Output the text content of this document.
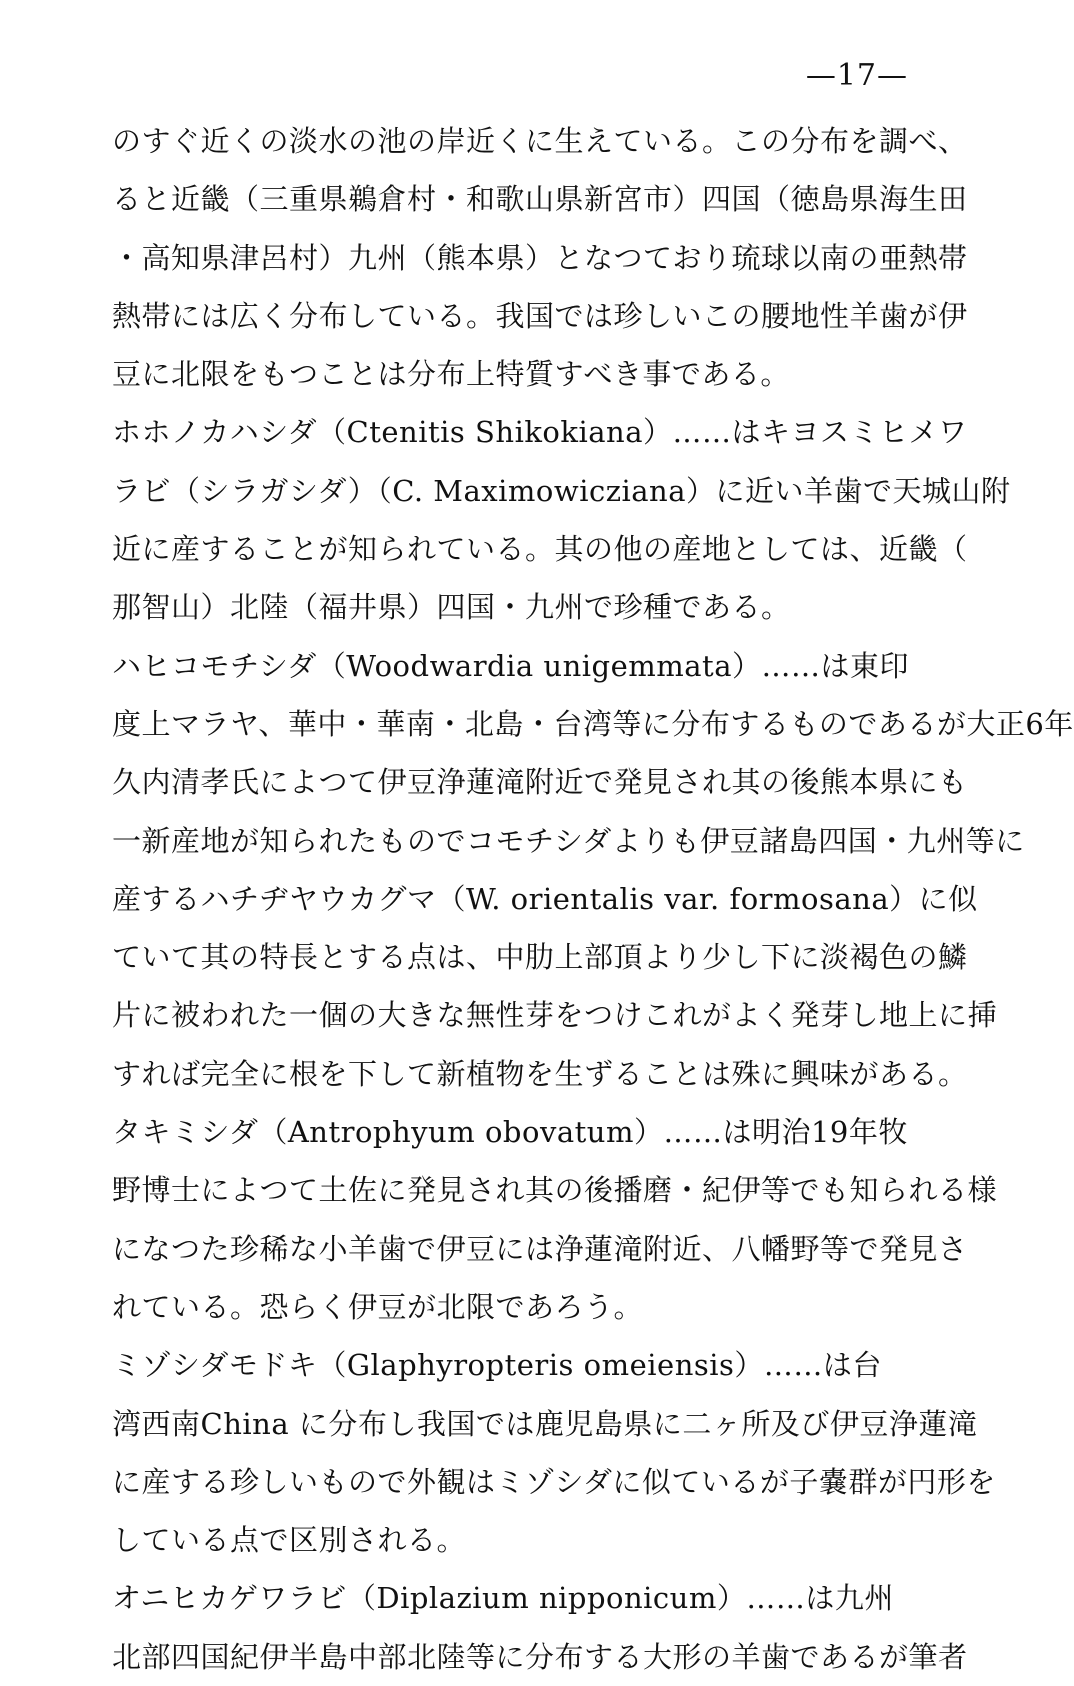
—17—
のすぐ近くの淡水の池の岸近くに生えている。この分布を調べ、
ると近畿（三重県鵜倉村・和歌山県新宮市）四国（徳島県海生田
・高知県津呂村）九州（熊本県）となつており琉球以南の亜熱帯
熱帯には広く分布している。我国では珍しいこの腰地性羊歯が伊
豆に北限をもつことは分布上特質すべき事である。
ホホノカハシダ（Ctenitis Shikokiana）……はキヨスミヒメワ
ラビ（シラガシダ）（C. Maximowicziana）に近い羊歯で天城山附
近に産することが知られている。其の他の産地としては、近畿（
那智山）北陸（福井県）四国・九州で珍種である。
ハヒコモチシダ（Woodwardia unigemmata）……は東印
度上マラヤ、華中・華南・北島・台湾等に分布するものであるが大正6年
久内清孝氏によつて伊豆浄蓮滝附近で発見され其の後熊本県にも
一新産地が知られたものでコモチシダよりも伊豆諸島四国・九州等に
産するハチヂヤウカグマ（W. orientalis var. formosana）に似
ていて其の特長とする点は、中肋上部頂より少し下に淡褐色の鱗
片に被われた一個の大きな無性芽をつけこれがよく発芽し地上に挿
すれば完全に根を下して新植物を生ずることは殊に興味がある。
タキミシダ（Antrophyum obovatum）……は明治19年牧
野博士によつて土佐に発見され其の後播磨・紀伊等でも知られる様
になつた珍稀な小羊歯で伊豆には浄蓮滝附近、八幡野等で発見さ
れている。恐らく伊豆が北限であろう。
ミゾシダモドキ（Glaphyropteris omeiensis）……は台
湾西南China に分布し我国では鹿児島県に二ヶ所及び伊豆浄蓮滝
に産する珍しいもので外観はミゾシダに似ているが子嚢群が円形を
している点で区別される。
オニヒカゲワラビ（Diplazium nipponicum）……は九州
北部四国紀伊半島中部北陸等に分布する大形の羊歯であるが筆者
